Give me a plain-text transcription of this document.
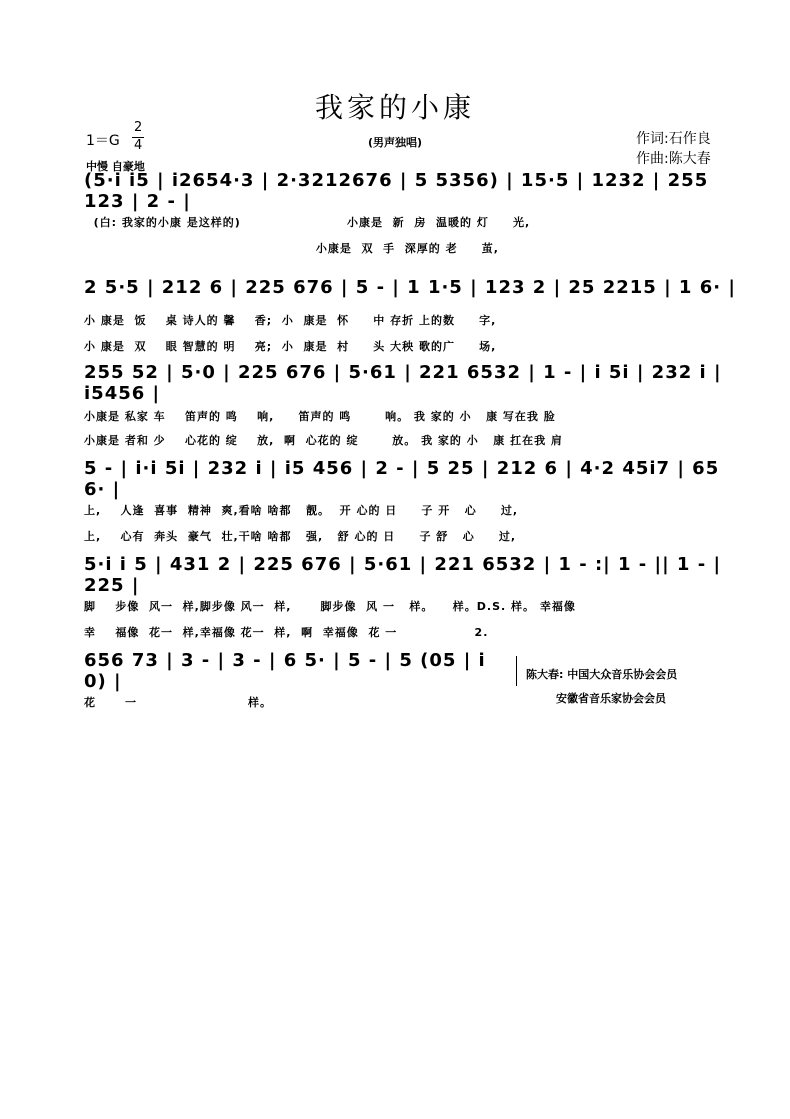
我家的小康
(男声独唱)
1＝G
2
4
中慢 自豪地
作词:石作良
作曲:陈大春
(5·i i5 | i2654·3 | 2·3212676 | 5 5356) | 15·5 | 1232 | 255 123 | 2 - |
(白: 我家的小康 是这样的)                      小康是  新  房  温暖的 灯     光,
小康是  双  手  深厚的 老     茧,
2 5·5 | 212 6 | 225 676 | 5 - | 1 1·5 | 123 2 | 25 2215 | 1 6· |
小 康是  饭    桌 诗人的 馨    香;  小  康是  怀     中 存折 上的数     字,
小 康是  双    眼 智慧的 明    亮;  小  康是  村     头 大秧 歌的广     场,
255 52 | 5·0 | 225 676 | 5·61 | 221 6532 | 1 - | i 5i | 232 i | i5456 |
小康是 私家 车    笛声的 鸣    响,     笛声的 鸣       响。 我 家的 小   康 写在我 脸
小康是 者和 少    心花的 绽    放,  啊  心花的 绽       放。 我 家的 小   康 扛在我 肩
5 - | i·i 5i | 232 i | i5 456 | 2 - | 5 25 | 212 6 | 4·2 45i7 | 65 6· |
上,    人逢  喜事  精神  爽,看啥 啥都   靓。  开 心的 日     子 开   心     过,
上,    心有  奔头  豪气  壮,干啥 啥都   强,   舒 心的 日     子 舒   心     过,
5·i i 5 | 431 2 | 225 676 | 5·61 | 221 6532 | 1 - :| 1 - || 1 - | 225 |
脚    步像  风一  样,脚步像 风一  样,      脚步像  风 一   样。    样。D.S. 样。 幸福像
幸    福像  花一  样,幸福像 花一  样,  啊  幸福像  花 一                2.
656 73 | 3 - | 3 - | 6 5· | 5 - | 5 (05 | i 0) |
花      一                       样。
陈大春: 中国大众音乐协会会员
安徽省音乐家协会会员
